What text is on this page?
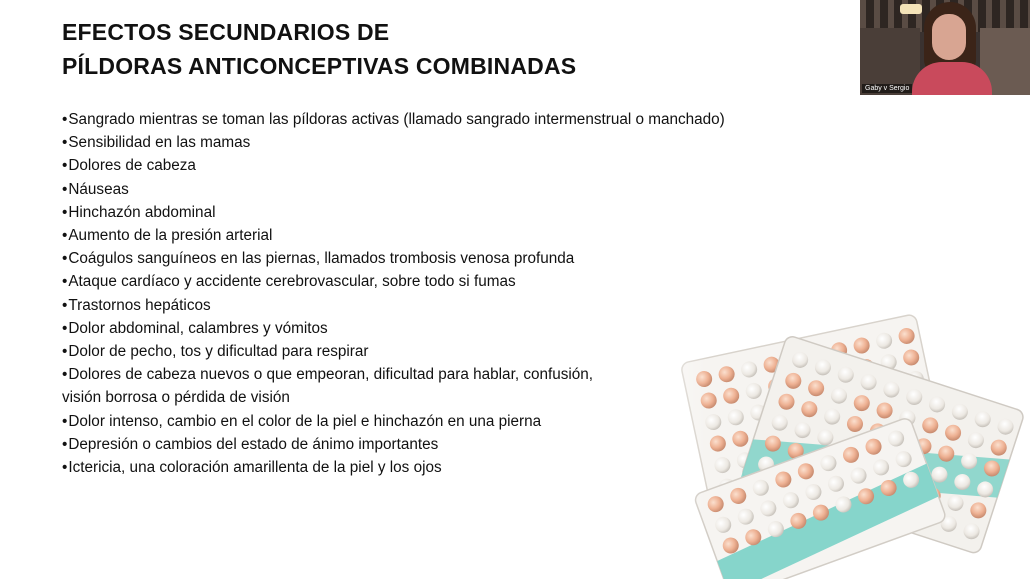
EFECTOS SECUNDARIOS DE
PÍLDORAS ANTICONCEPTIVAS COMBINADAS
•Sangrado mientras se toman las píldoras activas (llamado sangrado intermenstrual o manchado)
•Sensibilidad en las mamas
•Dolores de cabeza
•Náuseas
•Hinchazón abdominal
•Aumento de la presión arterial
•Coágulos sanguíneos en las piernas, llamados trombosis venosa profunda
•Ataque cardíaco y accidente cerebrovascular, sobre todo si fumas
•Trastornos hepáticos
•Dolor abdominal, calambres y vómitos
•Dolor de pecho, tos y dificultad para respirar
•Dolores de cabeza nuevos o que empeoran, dificultad para hablar, confusión,
visión borrosa o pérdida de visión
•Dolor intenso, cambio en el color de la piel e hinchazón en una pierna
•Depresión o cambios del estado de ánimo importantes
•Ictericia, una coloración amarillenta de la piel y los ojos
Gaby v Sergio
